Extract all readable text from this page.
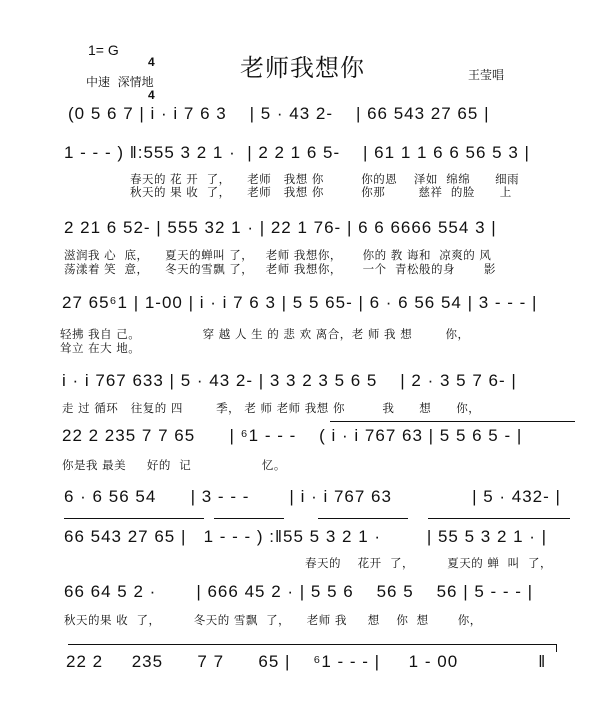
1= G

4

4

中速  深情地	老师我想你	王莹唱
(0 5 6 7 | i · i 7 6 3    | 5 · 43 2-    | 66 543 27 65 |
1 - - - ) ‖:555 3 2 1 ·  | 2 2 1 6 5-    | 61 1 1 6 6 56 5 3 |
春天的 花 开  了，    老师   我想 你         你的恩    泽如  绵绵      细雨
秋天的 果 收  了，    老师   我想 你         你那        慈祥  的脸      上
2 21 6 52- | 555 32 1 · | 22 1 76- | 6 6 6666 554 3 |
滋润我 心  底，    夏天的蝉叫 了，   老师 我想你，     你的 教 诲和  凉爽的 风
荡漾着 笑  意，    冬天的雪飘 了，   老师 我想你，     一个  青松般的身       影
27 65⁶1 | 1-00 | i · i 7 6 3 | 5 5 65- | 6 · 6 56 54 | 3 - - - |
轻拂 我自 己。               穿 越 人 生 的 悲 欢 离合，老 师 我 想        你，
耸立 在大 地。
i · i 767 633 | 5 · 43 2- | 3 3 2 3 5 6 5    | 2 · 3 5 7 6- |
走 过 循环   往复的 四        季， 老 师 老师 我想 你         我      想      你，
22 2 235 7 7 65      | ⁶1 - - -    ( i · i 767 63 | 5 5 6 5 - |
你是我 最美     好的  记                 忆。
6 · 6 56 54      | 3 - - -       | i · i 767 63              | 5 · 432- |
66 543 27 65 |   1 - - - ) :‖55 5 3 2 1 ·        | 55 5 3 2 1 · |
春天的    花开  了，        夏天的 蝉  叫  了，
66 64 5 2 ·       | 666 45 2 · | 5 5 6    56 5    56 | 5 - - - |
秋天的果 收  了，        冬天的 雪飘  了，    老师 我     想    你  想       你，
22 2     235      7 7      65 |    ⁶1 - - - |     1 - 00              ‖
